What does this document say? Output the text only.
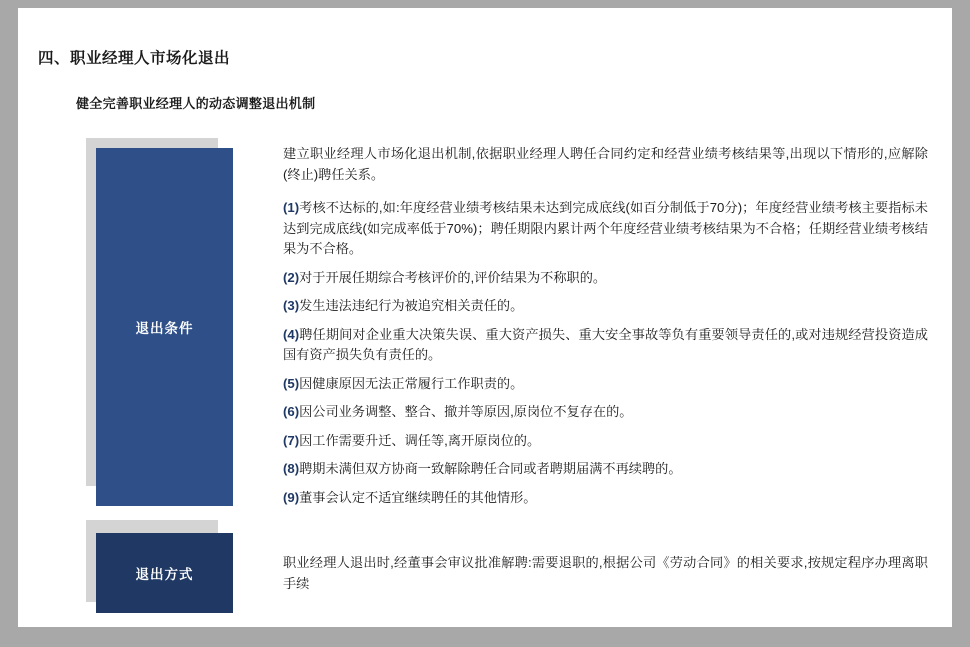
四、职业经理人市场化退出
健全完善职业经理人的动态调整退出机制
退出条件

建立职业经理人市场化退出机制,依据职业经理人聘任合同约定和经营业绩考核结果等,出现以下情形的,应解除(终止)聘任关系。

(1)考核不达标的,如:年度经营业绩考核结果未达到完成底线(如百分制低于70分)；年度经营业绩考核主要指标未达到完成底线(如完成率低于70%)；聘任期限内累计两个年度经营业绩考核结果为不合格；任期经营业绩考核结果为不合格。

(2)对于开展任期综合考核评价的,评价结果为不称职的。

(3)发生违法违纪行为被追究相关责任的。

(4)聘任期间对企业重大决策失误、重大资产损失、重大安全事故等负有重要领导责任的,或对违规经营投资造成国有资产损失负有责任的。

(5)因健康原因无法正常履行工作职责的。

(6)因公司业务调整、整合、撤并等原因,原岗位不复存在的。

(7)因工作需要升迁、调任等,离开原岗位的。

(8)聘期未满但双方协商一致解除聘任合同或者聘期届满不再续聘的。

(9)董事会认定不适宜继续聘任的其他情形。

退出方式

职业经理人退出时,经董事会审议批准解聘:需要退职的,根据公司《劳动合同》的相关要求,按规定程序办理离职手续
